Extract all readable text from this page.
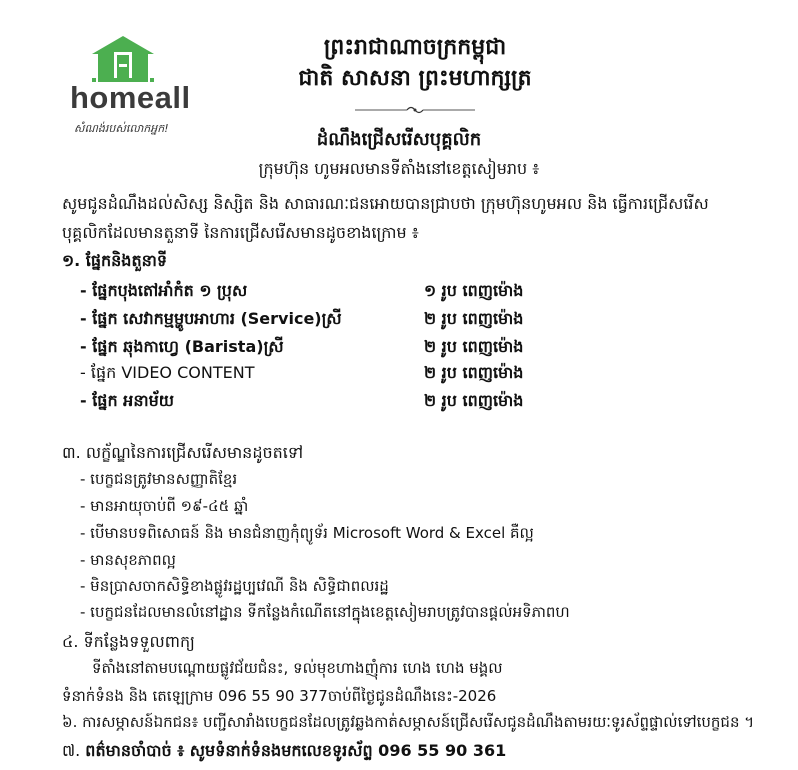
homeall
សំណង់របស់លោកអ្នក!
ព្រះរាជាណាចក្រកម្ពុជា
ជាតិ សាសនា ព្រះមហាក្សត្រ
ដំណឹងជ្រើសរើសបុគ្គលិក
ក្រុមហ៊ុន ហូមអលមានទីតាំងនៅខេត្តសៀមរាប ៖
សូមជូនដំណឹងដល់សិស្ស និស្សិត និង សាធារណៈជនអោយបានជ្រាបថា ក្រុមហ៊ុនហូមអល និង ធ្វើការជ្រើសរើស
បុគ្គលិកដែលមានតួនាទី នៃការជ្រើសរើសមានដូចខាងក្រោម ៖
១. ផ្នែកនិងតួនាទី
- ផ្នែកបុងតៅអាំកំត ១ ប្រុស	១ រូប ពេញម៉ោង
- ផ្នែក សេវាកម្មម្ហូបអាហារ (Service)ស្រី	២ រូប ពេញម៉ោង
- ផ្នែក ឆុងកាហ្វេ (Barista)ស្រី	២ រូប ពេញម៉ោង
- ផ្នែក VIDEO CONTENT	២ រូប ពេញម៉ោង
- ផ្នែក អនាម័យ	២ រូប ពេញម៉ោង
៣. លក្ខ័ណ្ឌនៃការជ្រើសរើសមានដូចតទៅ
- បេក្ខជនត្រូវមានសញ្ញាតិខ្មែរ
- មានអាយុចាប់ពី ១៩-៤៥ ឆ្នាំ
- បើមានបទពិសោធន៍ និង មានជំនាញកុំព្យូទ័រ Microsoft Word & Excel គឺល្អ
- មានសុខភាពល្អ
- មិនប្រាសចាកសិទ្ធិខាងផ្លូវរដ្ឋប្បវេណី និង សិទ្ធិជាពលរដ្ឋ
- បេក្ខជនដែលមានលំនៅដ្ឋាន ទីកន្លែងកំណើតនៅក្នុងខេត្តសៀមរាបត្រូវបានផ្តល់អទិភាពហ
៤. ទីកន្លែងទទួលពាក្យ
ទីតាំងនៅតាមបណ្ដោយផ្លូវជ័យជំនះ, ទល់មុខហាងញុំការ ហេង ហេង មង្គល
ទំនាក់ទំនង និង តេឡេក្រាម 096 55 90 377ចាប់ពីថ្ងៃជូនដំណឹងនេះ-2026
៦. ការសម្ភាសន៍ឯកជន៖ បញ្ជីសារាំងបេក្ខជនដែលត្រូវឆ្លងកាត់សម្ភាសន៍ជ្រើសរើសជូនដំណឹងតាមរយៈទូរស័ព្ទផ្ទាល់ទៅបេក្ខជន ។
៧. ពត៌មានចាំបាច់ ៖ សូមទំនាក់ទំនងមកលេខទូរស័ព្ទ 096 55 90 361
